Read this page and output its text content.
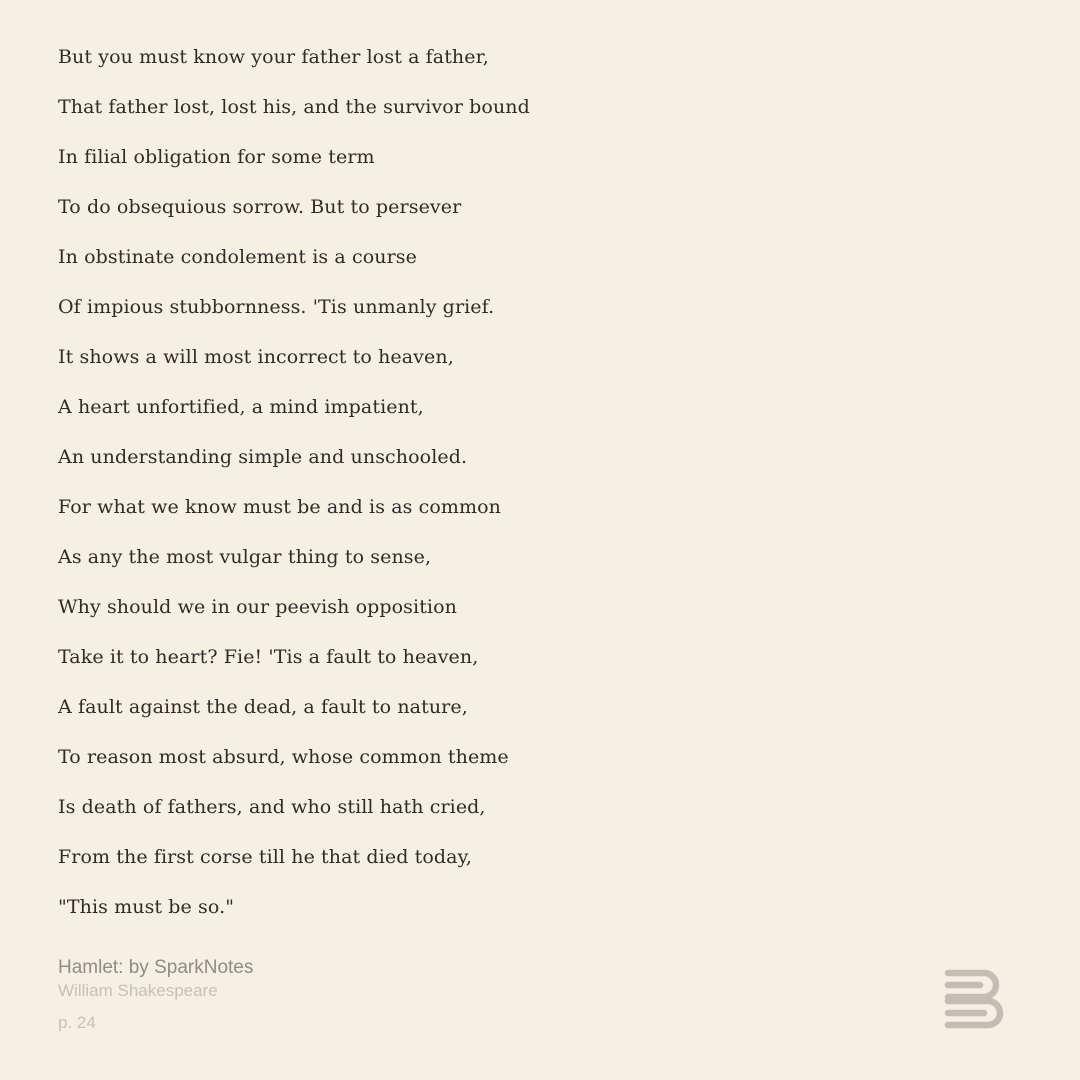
But you must know your father lost a father,
That father lost, lost his, and the survivor bound
In filial obligation for some term
To do obsequious sorrow. But to persever
In obstinate condolement is a course
Of impious stubbornness. 'Tis unmanly grief.
It shows a will most incorrect to heaven,
A heart unfortified, a mind impatient,
An understanding simple and unschooled.
For what we know must be and is as common
As any the most vulgar thing to sense,
Why should we in our peevish opposition
Take it to heart? Fie! 'Tis a fault to heaven,
A fault against the dead, a fault to nature,
To reason most absurd, whose common theme
Is death of fathers, and who still hath cried,
From the first corse till he that died today,
"This must be so."
Hamlet: by SparkNotes
William Shakespeare
p. 24
